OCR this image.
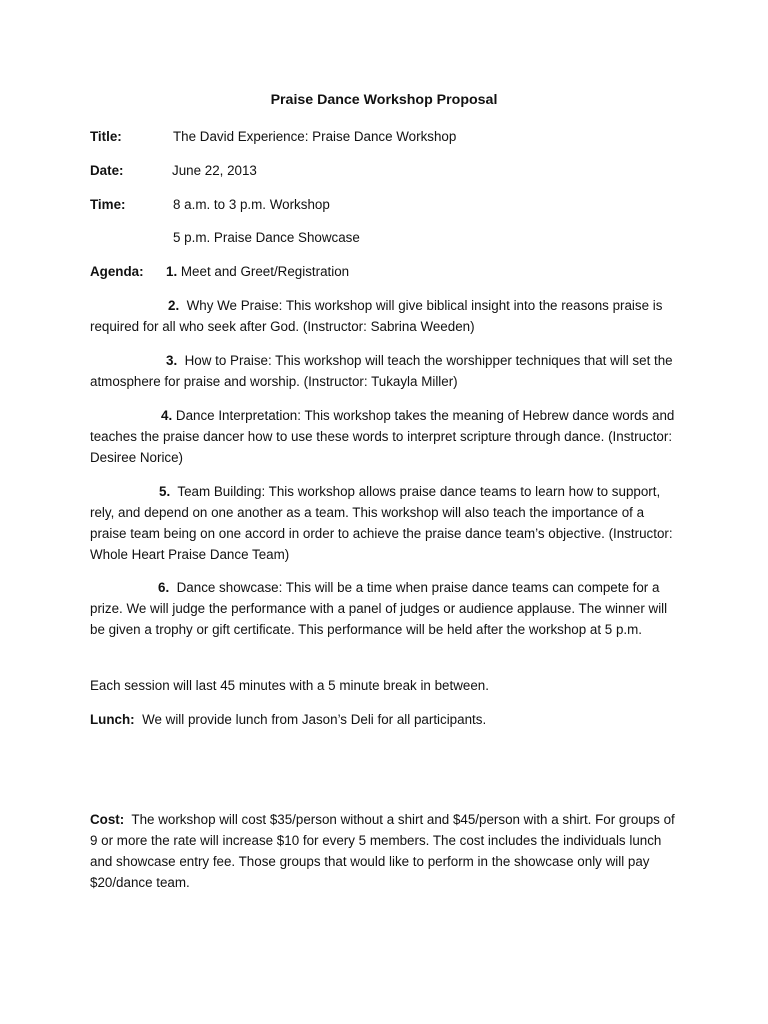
Praise Dance Workshop Proposal
Title:	The David Experience: Praise Dance Workshop
Date:	June 22, 2013
Time:	8 a.m. to 3 p.m. Workshop
5 p.m. Praise Dance Showcase
Agenda: 1. Meet and Greet/Registration
2. Why We Praise: This workshop will give biblical insight into the reasons praise is required for all who seek after God. (Instructor: Sabrina Weeden)
3. How to Praise: This workshop will teach the worshipper techniques that will set the atmosphere for praise and worship. (Instructor: Tukayla Miller)
4. Dance Interpretation: This workshop takes the meaning of Hebrew dance words and teaches the praise dancer how to use these words to interpret scripture through dance. (Instructor: Desiree Norice)
5. Team Building: This workshop allows praise dance teams to learn how to support, rely, and depend on one another as a team. This workshop will also teach the importance of a praise team being on one accord in order to achieve the praise dance team’s objective. (Instructor: Whole Heart Praise Dance Team)
6. Dance showcase: This will be a time when praise dance teams can compete for a prize. We will judge the performance with a panel of judges or audience applause. The winner will be given a trophy or gift certificate. This performance will be held after the workshop at 5 p.m.
Each session will last 45 minutes with a 5 minute break in between.
Lunch: We will provide lunch from Jason’s Deli for all participants.
Cost: The workshop will cost $35/person without a shirt and $45/person with a shirt. For groups of 9 or more the rate will increase $10 for every 5 members. The cost includes the individuals lunch and showcase entry fee. Those groups that would like to perform in the showcase only will pay $20/dance team.
